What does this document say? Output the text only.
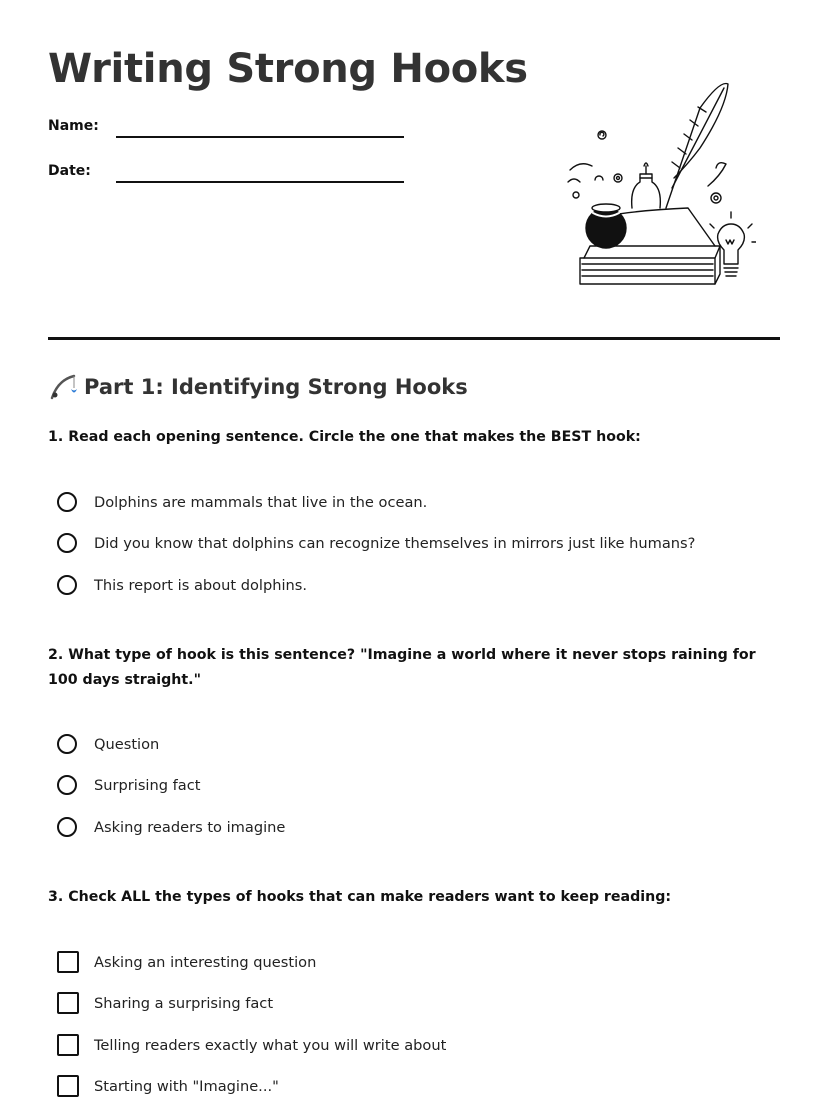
Writing Strong Hooks
Name:
Date:
Part 1: Identifying Strong Hooks
1. Read each opening sentence. Circle the one that makes the BEST hook:
Dolphins are mammals that live in the ocean.
Did you know that dolphins can recognize themselves in mirrors just like humans?
This report is about dolphins.
2. What type of hook is this sentence? "Imagine a world where it never stops raining for 100 days straight."
Question
Surprising fact
Asking readers to imagine
3. Check ALL the types of hooks that can make readers want to keep reading:
Asking an interesting question
Sharing a surprising fact
Telling readers exactly what you will write about
Starting with "Imagine..."
